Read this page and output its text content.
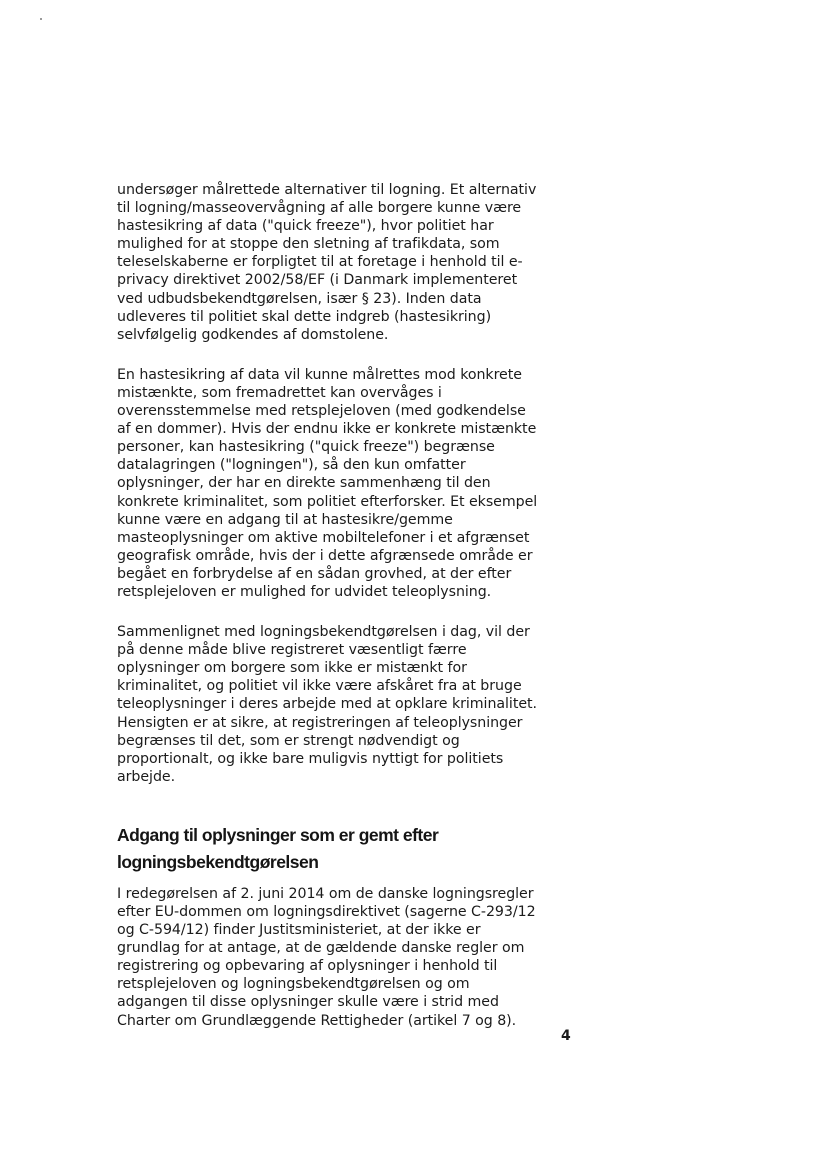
undersøger målrettede alternativer til logning. Et alternativ
til logning/masseovervågning af alle borgere kunne være
hastesikring af data ("quick freeze"), hvor politiet har
mulighed for at stoppe den sletning af trafikdata, som
teleselskaberne er forpligtet til at foretage i henhold til e-
privacy direktivet 2002/58/EF (i Danmark implementeret
ved udbudsbekendtgørelsen, især § 23). Inden data
udleveres til politiet skal dette indgreb (hastesikring)
selvfølgelig godkendes af domstolene.

En hastesikring af data vil kunne målrettes mod konkrete
mistænkte, som fremadrettet kan overvåges i
overensstemmelse med retsplejeloven (med godkendelse
af en dommer). Hvis der endnu ikke er konkrete mistænkte
personer, kan hastesikring ("quick freeze") begrænse
datalagringen ("logningen"), så den kun omfatter
oplysninger, der har en direkte sammenhæng til den
konkrete kriminalitet, som politiet efterforsker. Et eksempel
kunne være en adgang til at hastesikre/gemme
masteoplysninger om aktive mobiltelefoner i et afgrænset
geografisk område, hvis der i dette afgrænsede område er
begået en forbrydelse af en sådan grovhed, at der efter
retsplejeloven er mulighed for udvidet teleoplysning.

Sammenlignet med logningsbekendtgørelsen i dag, vil der
på denne måde blive registreret væsentligt færre
oplysninger om borgere som ikke er mistænkt for
kriminalitet, og politiet vil ikke være afskåret fra at bruge
teleoplysninger i deres arbejde med at opklare kriminalitet.
Hensigten er at sikre, at registreringen af teleoplysninger
begrænses til det, som er strengt nødvendigt og
proportionalt, og ikke bare muligvis nyttigt for politiets
arbejde.

Adgang til oplysninger som er gemt efter
logningsbekendtgørelsen

I redegørelsen af 2. juni 2014 om de danske logningsregler
efter EU-dommen om logningsdirektivet (sagerne C-293/12
og C-594/12) finder Justitsministeriet, at der ikke er
grundlag for at antage, at de gældende danske regler om
registrering og opbevaring af oplysninger i henhold til
retsplejeloven og logningsbekendtgørelsen og om
adgangen til disse oplysninger skulle være i strid med
Charter om Grundlæggende Rettigheder (artikel 7 og 8).

4
